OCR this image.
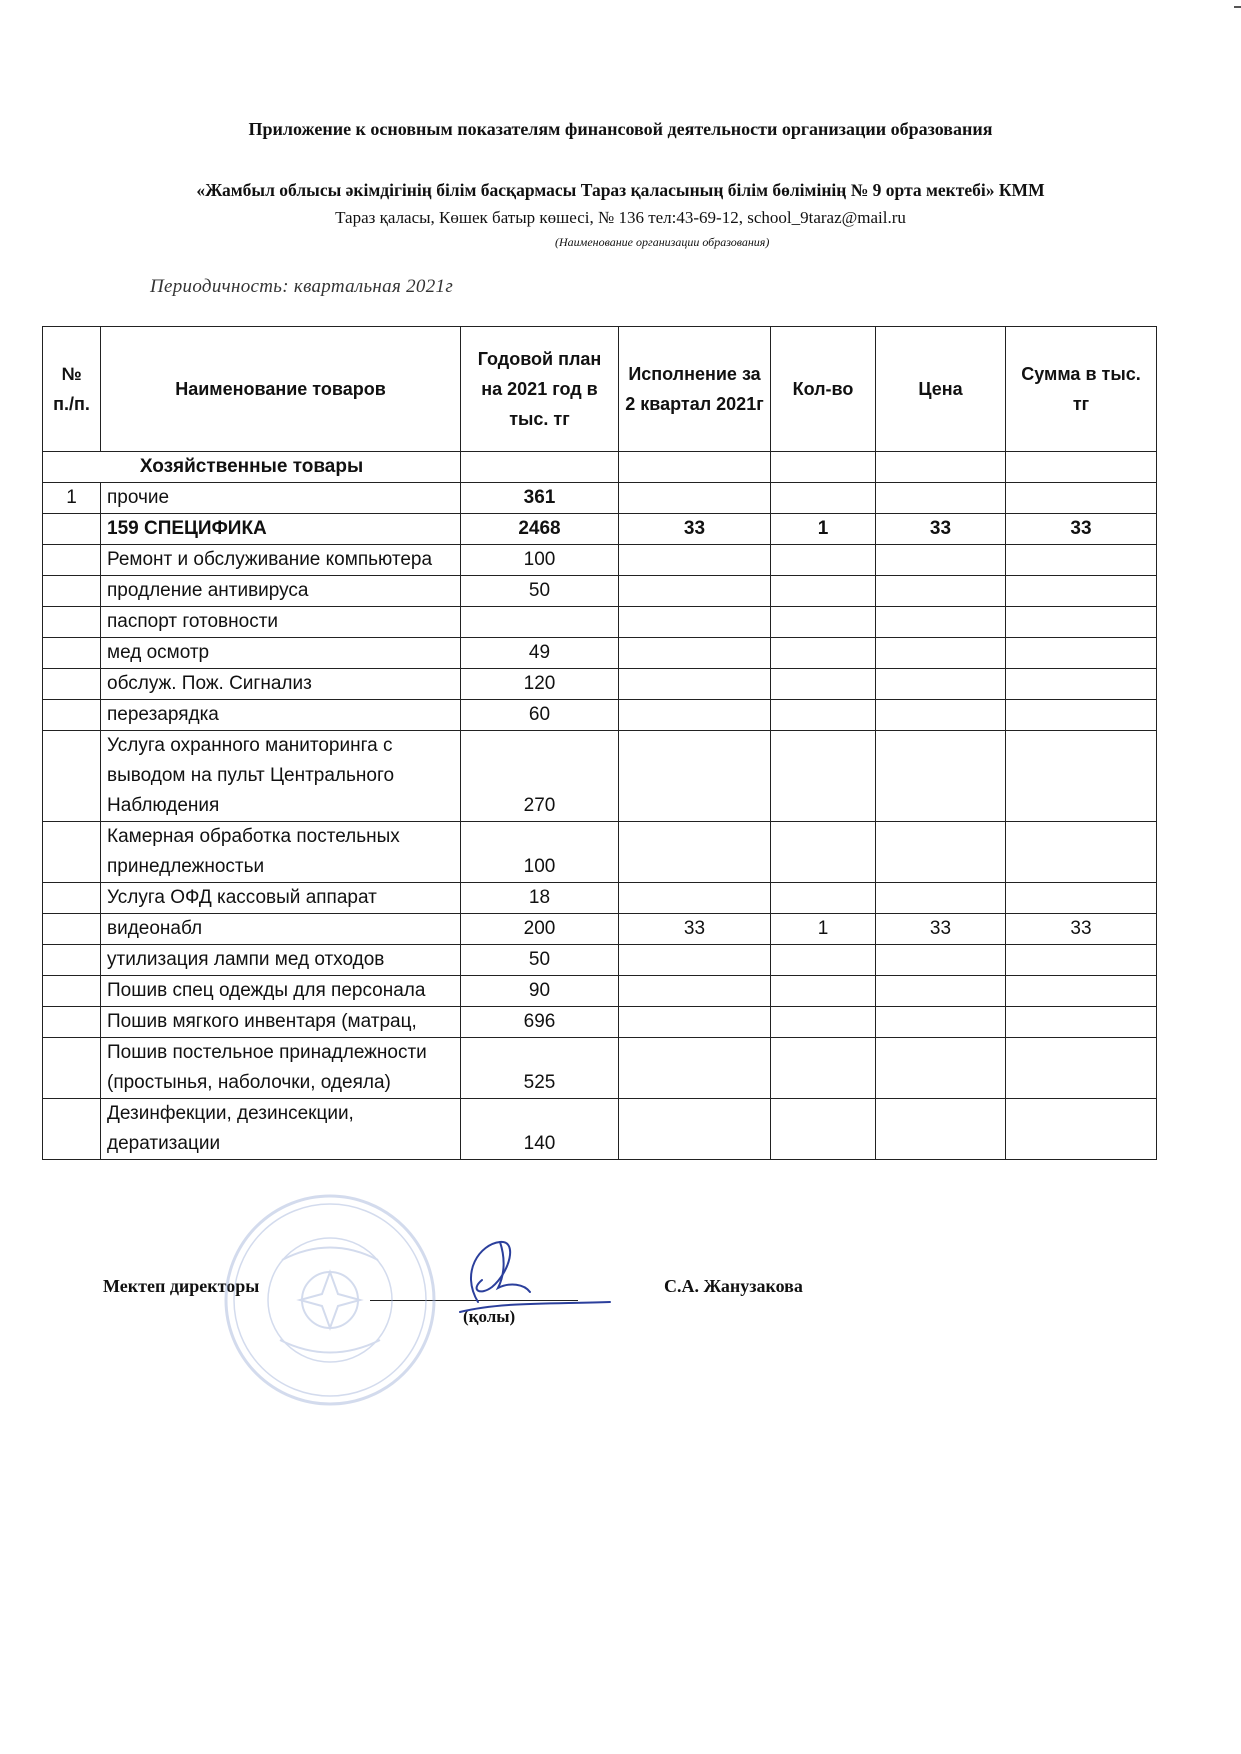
Приложение к основным показателям финансовой деятельности организации образования
«Жамбыл облысы әкімдігінің білім басқармасы Тараз қаласының білім бөлімінің № 9 орта мектебі» КММ
Тараз қаласы, Көшек батыр көшесі, № 136 тел:43-69-12, school_9taraz@mail.ru
(Наименование организации образования)
Периодичность: квартальная 2021г
№ п./п.	Наименование товаров	Годовой план на 2021 год в тыс. тг	Исполнение за 2 квартал 2021г	Кол-во	Цена	Сумма в тыс. тг
Хозяйственные товары						
1	прочие	361				
	159 СПЕЦИФИКА	2468	33	1	33	33
	Ремонт и обслуживание компьютера	100				
	продление антивируса	50				
	паспорт готовности					
	мед осмотр	49				
	обслуж. Пож. Сигнализ	120				
	перезарядка	60				
	Услуга охранного маниторинга с выводом на пульт Центрального Наблюдения	270				
	Камерная обработка постельных принедлежностьи	100				
	Услуга ОФД кассовый аппарат	18				
	видеонабл	200	33	1	33	33
	утилизация лампи мед отходов	50				
	Пошив спец одежды для персонала	90				
	Пошив мягкого инвентаря (матрац,	696				
	Пошив постельное принадлежности (простынья, наболочки, одеяла)	525				
	Дезинфекции, дезинсекции, дератизации	140				
Мектеп директоры
(қолы)
С.А. Жанузакова
